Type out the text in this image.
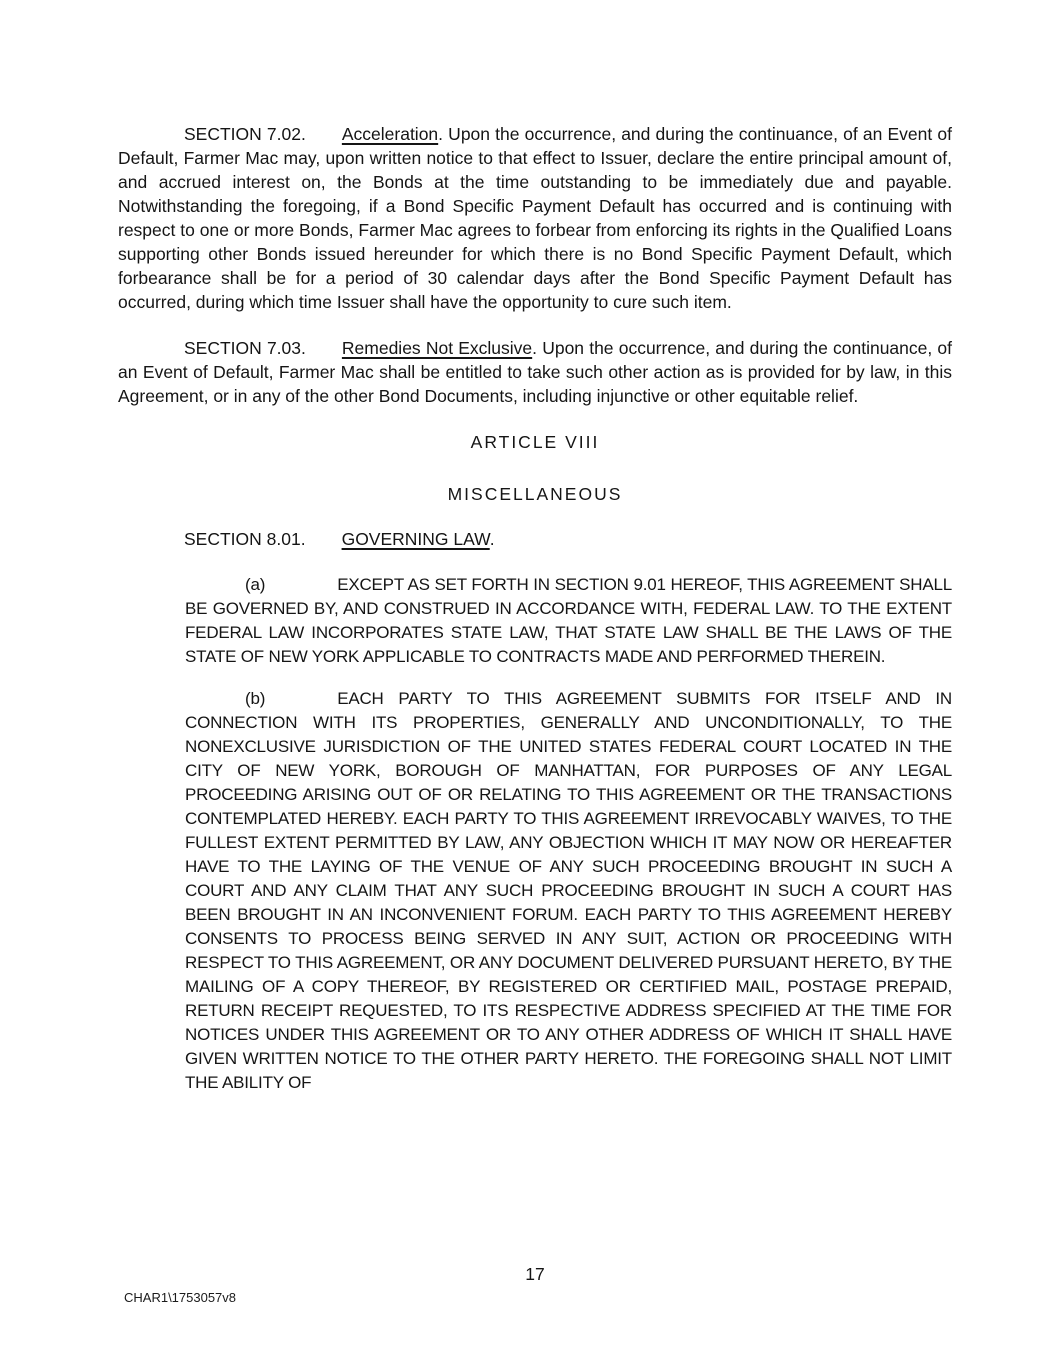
SECTION 7.02. Acceleration. Upon the occurrence, and during the continuance, of an Event of Default, Farmer Mac may, upon written notice to that effect to Issuer, declare the entire principal amount of, and accrued interest on, the Bonds at the time outstanding to be immediately due and payable. Notwithstanding the foregoing, if a Bond Specific Payment Default has occurred and is continuing with respect to one or more Bonds, Farmer Mac agrees to forbear from enforcing its rights in the Qualified Loans supporting other Bonds issued hereunder for which there is no Bond Specific Payment Default, which forbearance shall be for a period of 30 calendar days after the Bond Specific Payment Default has occurred, during which time Issuer shall have the opportunity to cure such item.

SECTION 7.03. Remedies Not Exclusive. Upon the occurrence, and during the continuance, of an Event of Default, Farmer Mac shall be entitled to take such other action as is provided for by law, in this Agreement, or in any of the other Bond Documents, including injunctive or other equitable relief.

ARTICLE VIII
MISCELLANEOUS

SECTION 8.01. GOVERNING LAW.

(a)	EXCEPT AS SET FORTH IN SECTION 9.01 HEREOF, THIS AGREEMENT SHALL BE GOVERNED BY, AND CONSTRUED IN ACCORDANCE WITH, FEDERAL LAW. TO THE EXTENT FEDERAL LAW INCORPORATES STATE LAW, THAT STATE LAW SHALL BE THE LAWS OF THE STATE OF NEW YORK APPLICABLE TO CONTRACTS MADE AND PERFORMED THEREIN.

(b)	EACH PARTY TO THIS AGREEMENT SUBMITS FOR ITSELF AND IN CONNECTION WITH ITS PROPERTIES, GENERALLY AND UNCONDITIONALLY, TO THE NONEXCLUSIVE JURISDICTION OF THE UNITED STATES FEDERAL COURT LOCATED IN THE CITY OF NEW YORK, BOROUGH OF MANHATTAN, FOR PURPOSES OF ANY LEGAL PROCEEDING ARISING OUT OF OR RELATING TO THIS AGREEMENT OR THE TRANSACTIONS CONTEMPLATED HEREBY. EACH PARTY TO THIS AGREEMENT IRREVOCABLY WAIVES, TO THE FULLEST EXTENT PERMITTED BY LAW, ANY OBJECTION WHICH IT MAY NOW OR HEREAFTER HAVE TO THE LAYING OF THE VENUE OF ANY SUCH PROCEEDING BROUGHT IN SUCH A COURT AND ANY CLAIM THAT ANY SUCH PROCEEDING BROUGHT IN SUCH A COURT HAS BEEN BROUGHT IN AN INCONVENIENT FORUM. EACH PARTY TO THIS AGREEMENT HEREBY CONSENTS TO PROCESS BEING SERVED IN ANY SUIT, ACTION OR PROCEEDING WITH RESPECT TO THIS AGREEMENT, OR ANY DOCUMENT DELIVERED PURSUANT HERETO, BY THE MAILING OF A COPY THEREOF, BY REGISTERED OR CERTIFIED MAIL, POSTAGE PREPAID, RETURN RECEIPT REQUESTED, TO ITS RESPECTIVE ADDRESS SPECIFIED AT THE TIME FOR NOTICES UNDER THIS AGREEMENT OR TO ANY OTHER ADDRESS OF WHICH IT SHALL HAVE GIVEN WRITTEN NOTICE TO THE OTHER PARTY HERETO. THE FOREGOING SHALL NOT LIMIT THE ABILITY OF

17
CHAR1\1753057v8
